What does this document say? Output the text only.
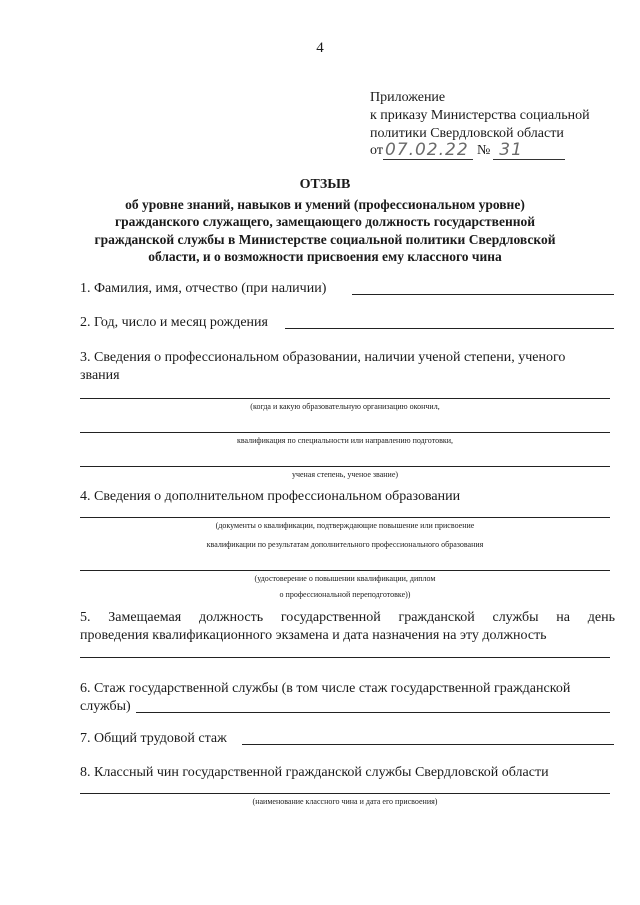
4
Приложение
к приказу Министерства социальной
политики Свердловской области
от 07.02.22 № 31
ОТЗЫВ
об уровне знаний, навыков и умений (профессиональном уровне)
гражданского служащего, замещающего должность государственной
гражданской службы в Министерстве социальной политики Свердловской
области, и о возможности присвоения ему классного чина
1. Фамилия, имя, отчество (при наличии)
2. Год, число и месяц рождения
3. Сведения о профессиональном образовании, наличии ученой степени, ученого
звания
(когда и какую образовательную организацию окончил,
квалификация по специальности или направлению подготовки,
ученая степень, ученое звание)
4. Сведения о дополнительном профессиональном образовании
(документы о квалификации, подтверждающие повышение или присвоение
квалификации по результатам дополнительного профессионального образования
(удостоверение о повышении квалификации, диплом
о профессиональной переподготовке))
5. Замещаемая должность государственной гражданской службы на день
проведения квалификационного экзамена и дата назначения на эту должность
6. Стаж государственной службы (в том числе стаж государственной гражданской
службы)
7. Общий трудовой стаж
8. Классный чин государственной гражданской службы Свердловской области
(наименование классного чина и дата его присвоения)
